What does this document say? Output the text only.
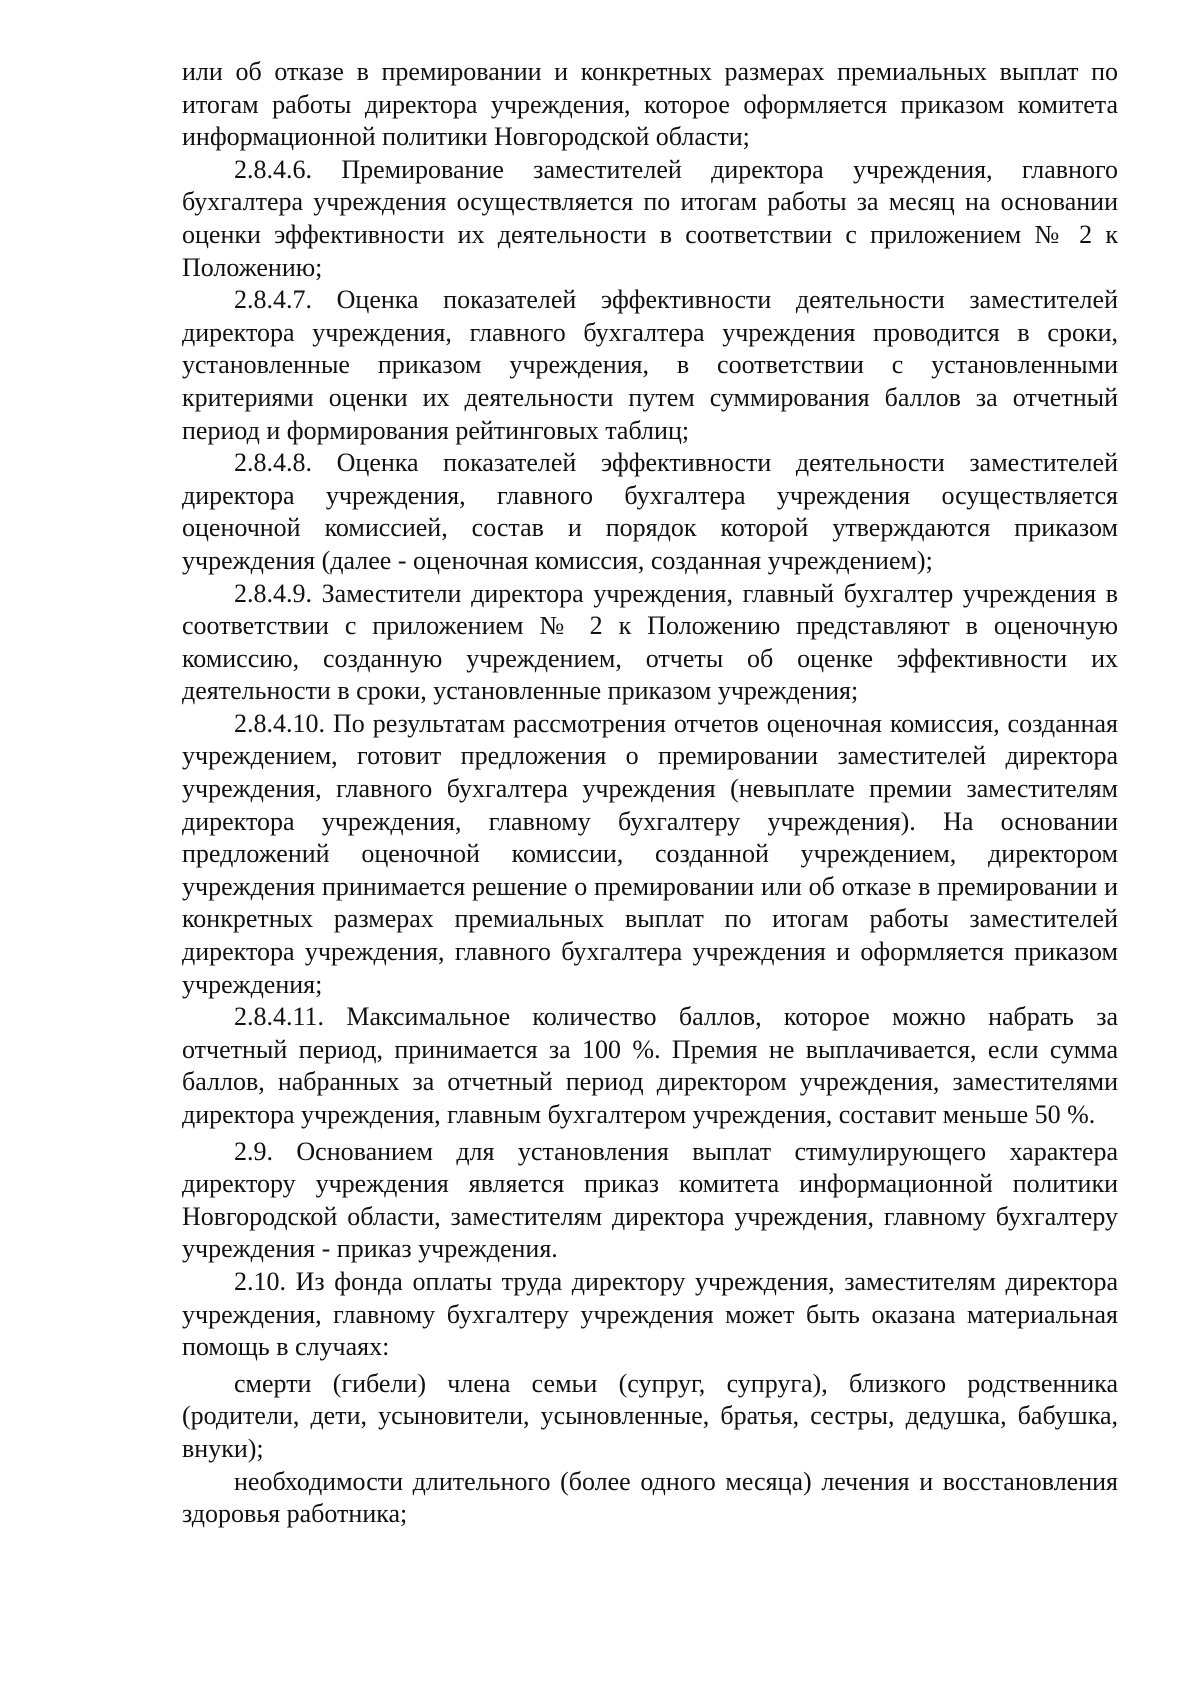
или об отказе в премировании и конкретных размерах премиальных выплат по итогам работы директора учреждения, которое оформляется приказом комитета информационной политики Новгородской области;

2.8.4.6. Премирование заместителей директора учреждения, главного бухгалтера учреждения осуществляется по итогам работы за месяц на основании оценки эффективности их деятельности в соответствии с приложением № 2 к Положению;

2.8.4.7. Оценка показателей эффективности деятельности заместителей директора учреждения, главного бухгалтера учреждения проводится в сроки, установленные приказом учреждения, в соответствии с установленными критериями оценки их деятельности путем суммирования баллов за отчетный период и формирования рейтинговых таблиц;

2.8.4.8. Оценка показателей эффективности деятельности заместителей директора учреждения, главного бухгалтера учреждения осуществляется оценочной комиссией, состав и порядок которой утверждаются приказом учреждения (далее - оценочная комиссия, созданная учреждением);

2.8.4.9. Заместители директора учреждения, главный бухгалтер учреждения в соответствии с приложением № 2 к Положению представляют в оценочную комиссию, созданную учреждением, отчеты об оценке эффективности их деятельности в сроки, установленные приказом учреждения;

2.8.4.10. По результатам рассмотрения отчетов оценочная комиссия, созданная учреждением, готовит предложения о премировании заместителей директора учреждения, главного бухгалтера учреждения (невыплате премии заместителям директора учреждения, главному бухгалтеру учреждения). На основании предложений оценочной комиссии, созданной учреждением, директором учреждения принимается решение о премировании или об отказе в премировании и конкретных размерах премиальных выплат по итогам работы заместителей директора учреждения, главного бухгалтера учреждения и оформляется приказом учреждения;

2.8.4.11. Максимальное количество баллов, которое можно набрать за отчетный период, принимается за 100 %. Премия не выплачивается, если сумма баллов, набранных за отчетный период директором учреждения, заместителями директора учреждения, главным бухгалтером учреждения, составит меньше 50 %.

2.9. Основанием для установления выплат стимулирующего характера директору учреждения является приказ комитета информационной политики Новгородской области, заместителям директора учреждения, главному бухгалтеру учреждения - приказ учреждения.

2.10. Из фонда оплаты труда директору учреждения, заместителям директора учреждения, главному бухгалтеру учреждения может быть оказана материальная помощь в случаях:

смерти (гибели) члена семьи (супруг, супруга), близкого родственника (родители, дети, усыновители, усыновленные, братья, сестры, дедушка, бабушка, внуки);

необходимости длительного (более одного месяца) лечения и восстановления здоровья работника;
